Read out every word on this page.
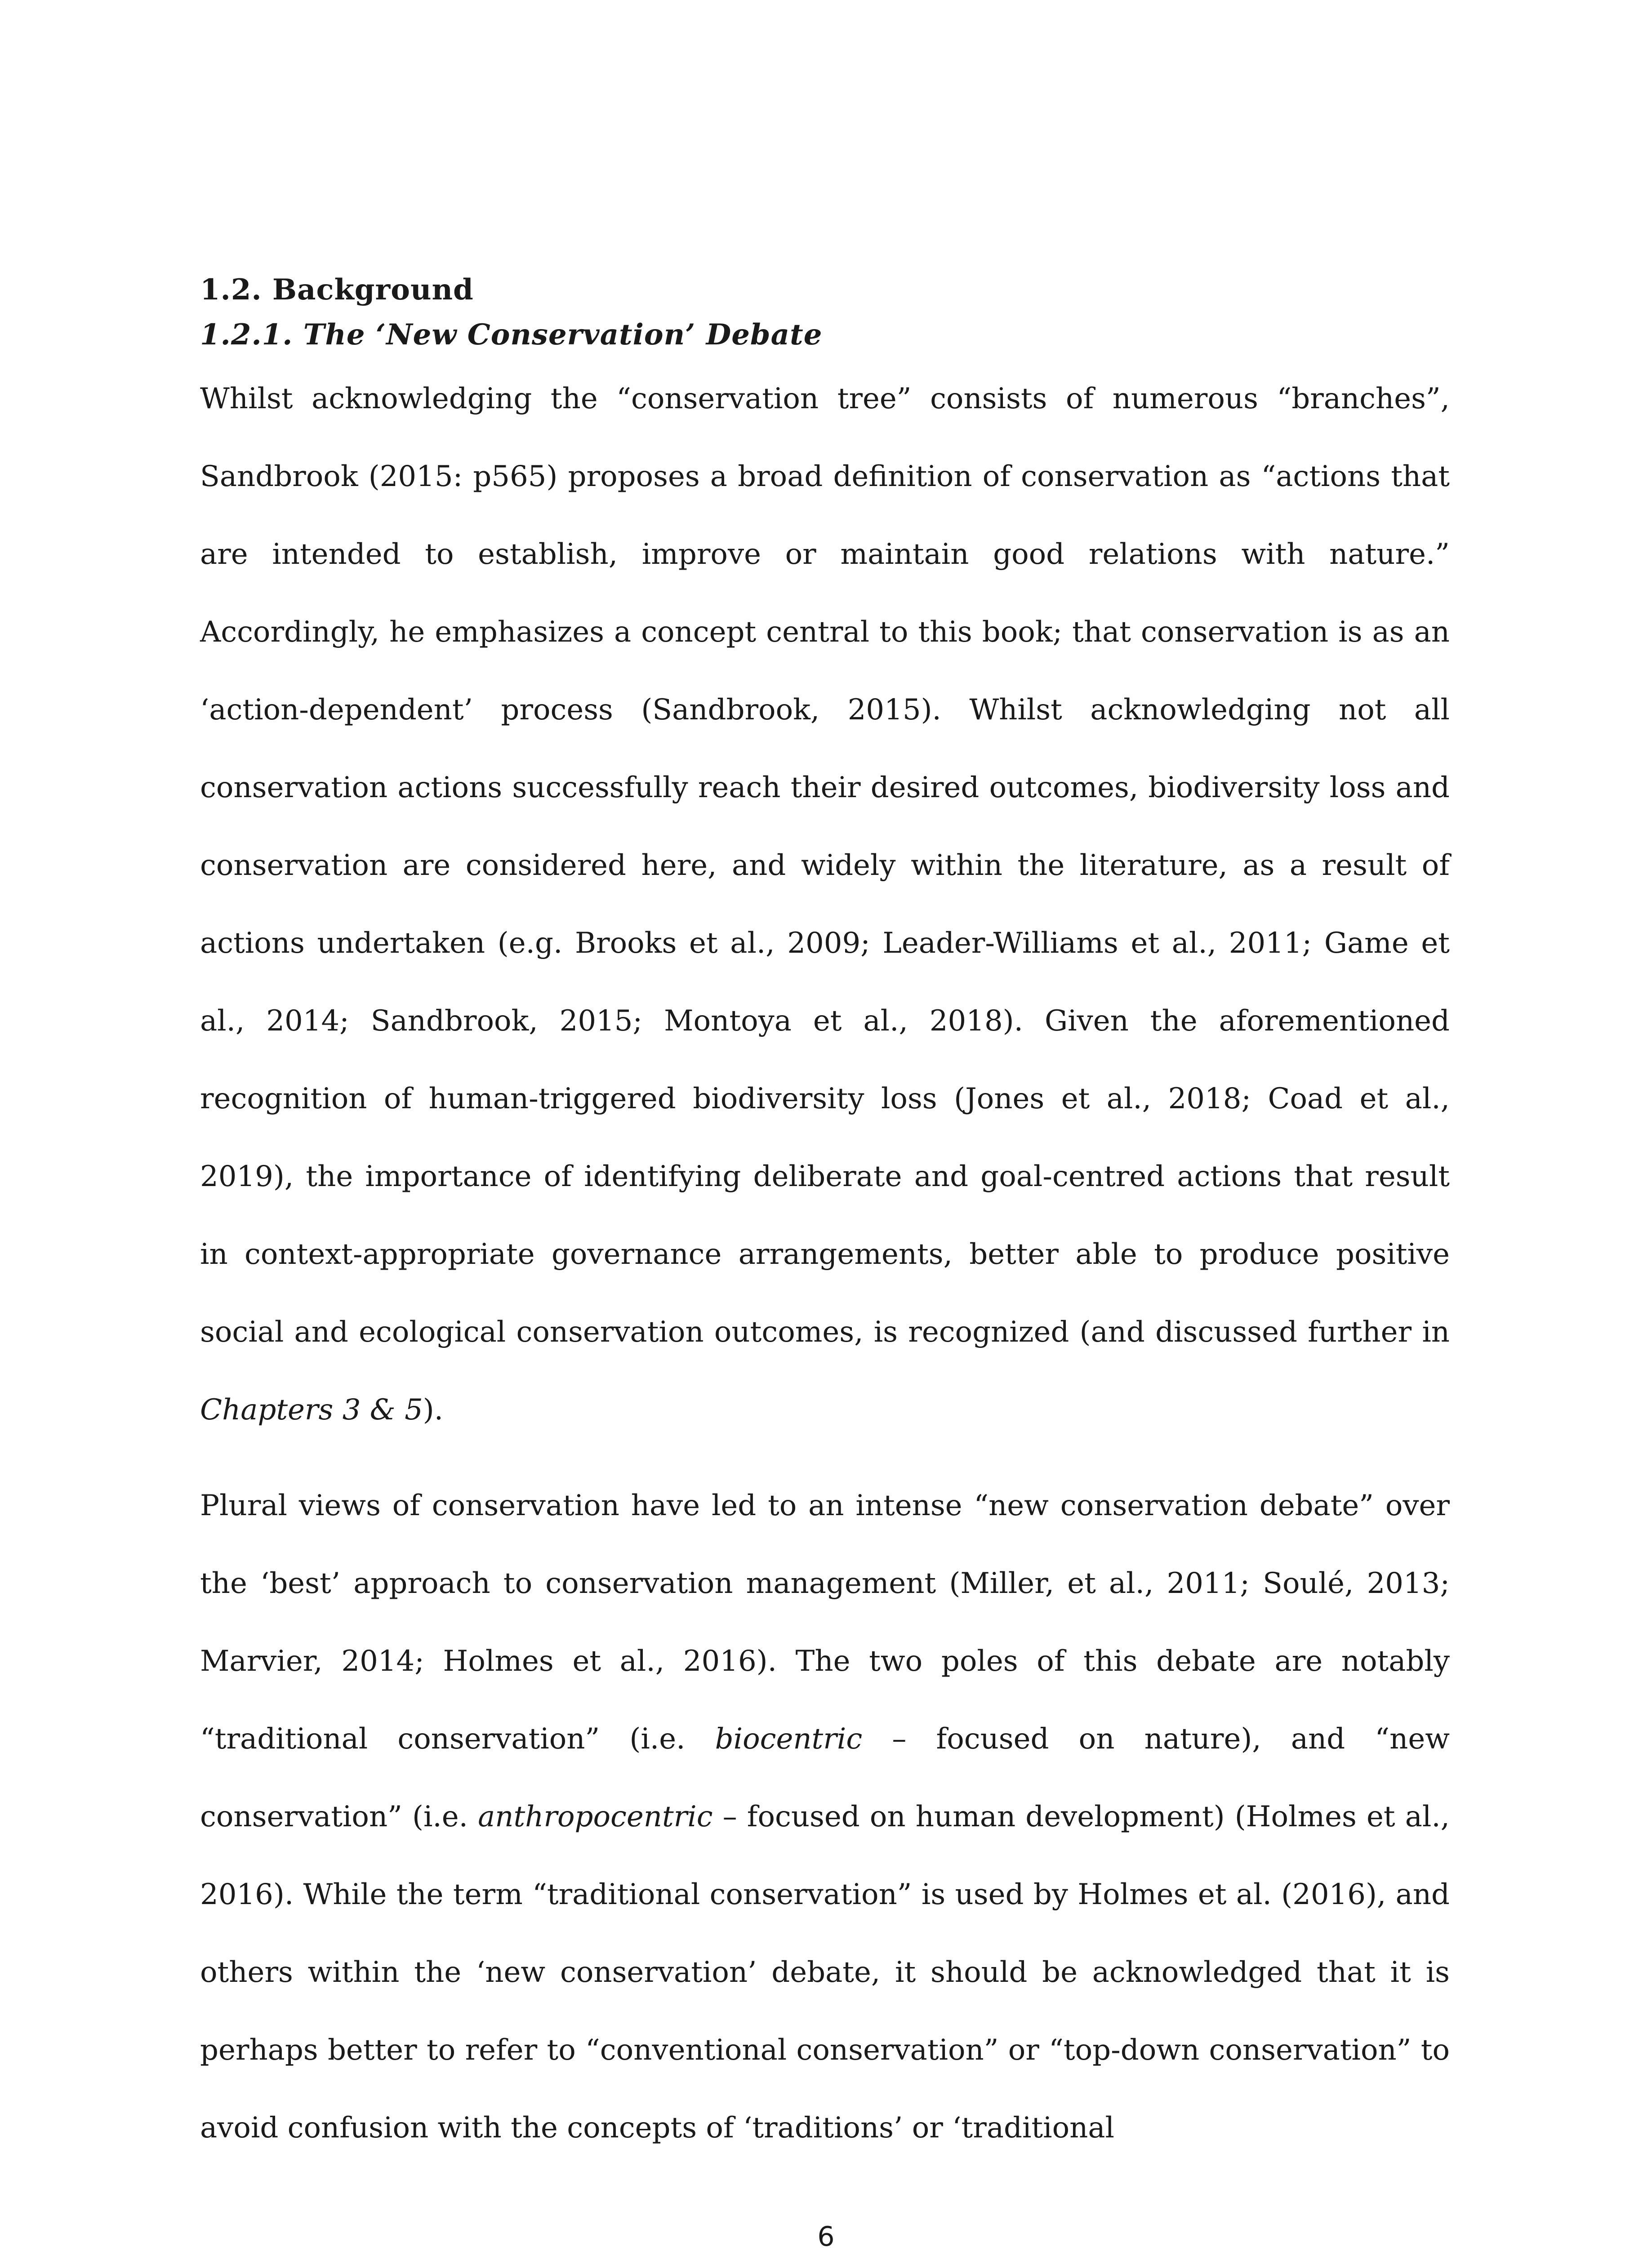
1.2. Background
1.2.1. The ‘New Conservation’ Debate

Whilst acknowledging the “conservation tree” consists of numerous “branches”, Sandbrook (2015: p565) proposes a broad definition of conservation as “actions that are intended to establish, improve or maintain good relations with nature.” Accordingly, he emphasizes a concept central to this book; that conservation is as an ‘action-dependent’ process (Sandbrook, 2015). Whilst acknowledging not all conservation actions successfully reach their desired outcomes, biodiversity loss and conservation are considered here, and widely within the literature, as a result of actions undertaken (e.g. Brooks et al., 2009; Leader-Williams et al., 2011; Game et al., 2014; Sandbrook, 2015; Montoya et al., 2018). Given the aforementioned recognition of human-triggered biodiversity loss (Jones et al., 2018; Coad et al., 2019), the importance of identifying deliberate and goal-centred actions that result in context-appropriate governance arrangements, better able to produce positive social and ecological conservation outcomes, is recognized (and discussed further in Chapters 3 & 5).

Plural views of conservation have led to an intense “new conservation debate” over the ‘best’ approach to conservation management (Miller, et al., 2011; Soulé, 2013; Marvier, 2014; Holmes et al., 2016). The two poles of this debate are notably “traditional conservation” (i.e. biocentric – focused on nature), and “new conservation” (i.e. anthropocentric – focused on human development) (Holmes et al., 2016). While the term “traditional conservation” is used by Holmes et al. (2016), and others within the ‘new conservation’ debate, it should be acknowledged that it is perhaps better to refer to “conventional conservation” or “top-down conservation” to avoid confusion with the concepts of ‘traditions’ or ‘traditional

6
